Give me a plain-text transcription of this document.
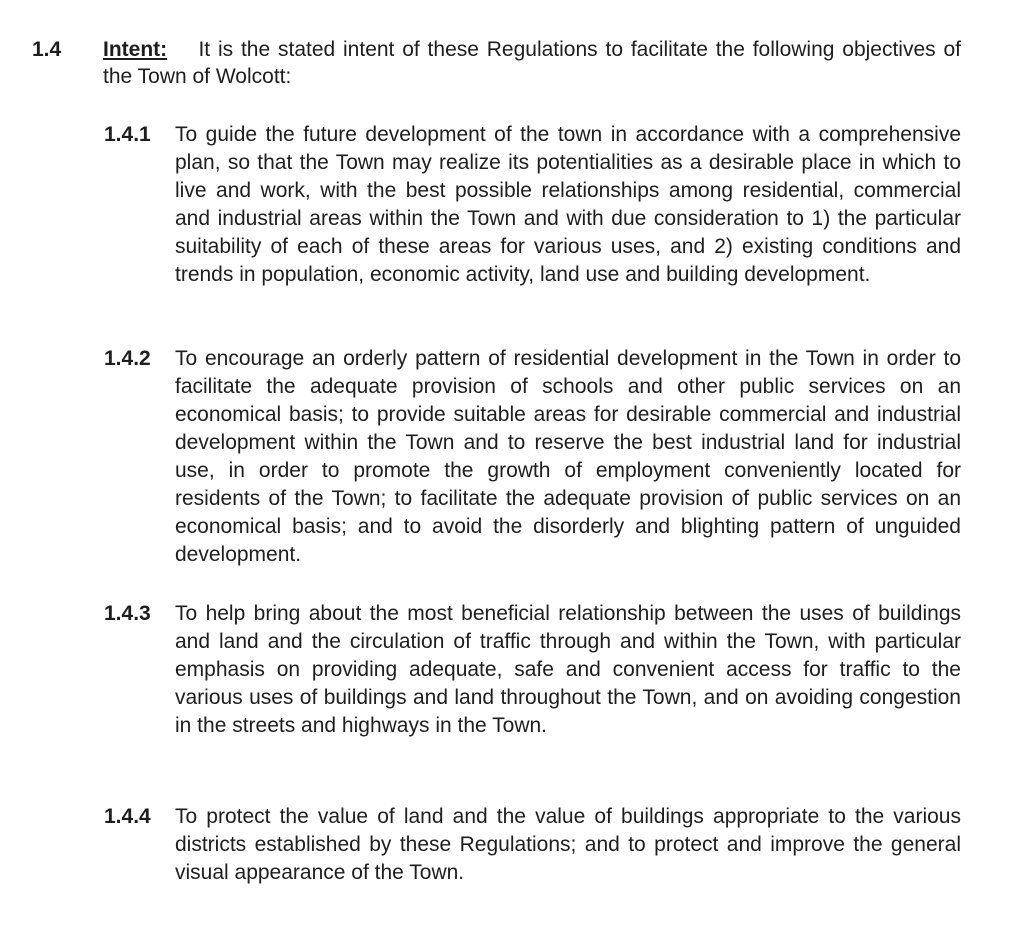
1.4 Intent: It is the stated intent of these Regulations to facilitate the following objectives of the Town of Wolcott:
1.4.1 To guide the future development of the town in accordance with a comprehensive plan, so that the Town may realize its potentialities as a desirable place in which to live and work, with the best possible relationships among residential, commercial and industrial areas within the Town and with due consideration to 1) the particular suitability of each of these areas for various uses, and 2) existing conditions and trends in population, economic activity, land use and building development.
1.4.2 To encourage an orderly pattern of residential development in the Town in order to facilitate the adequate provision of schools and other public services on an economical basis; to provide suitable areas for desirable commercial and industrial development within the Town and to reserve the best industrial land for industrial use, in order to promote the growth of employment conveniently located for residents of the Town; to facilitate the adequate provision of public services on an economical basis; and to avoid the disorderly and blighting pattern of unguided development.
1.4.3 To help bring about the most beneficial relationship between the uses of buildings and land and the circulation of traffic through and within the Town, with particular emphasis on providing adequate, safe and convenient access for traffic to the various uses of buildings and land throughout the Town, and on avoiding congestion in the streets and highways in the Town.
1.4.4 To protect the value of land and the value of buildings appropriate to the various districts established by these Regulations; and to protect and improve the general visual appearance of the Town.
